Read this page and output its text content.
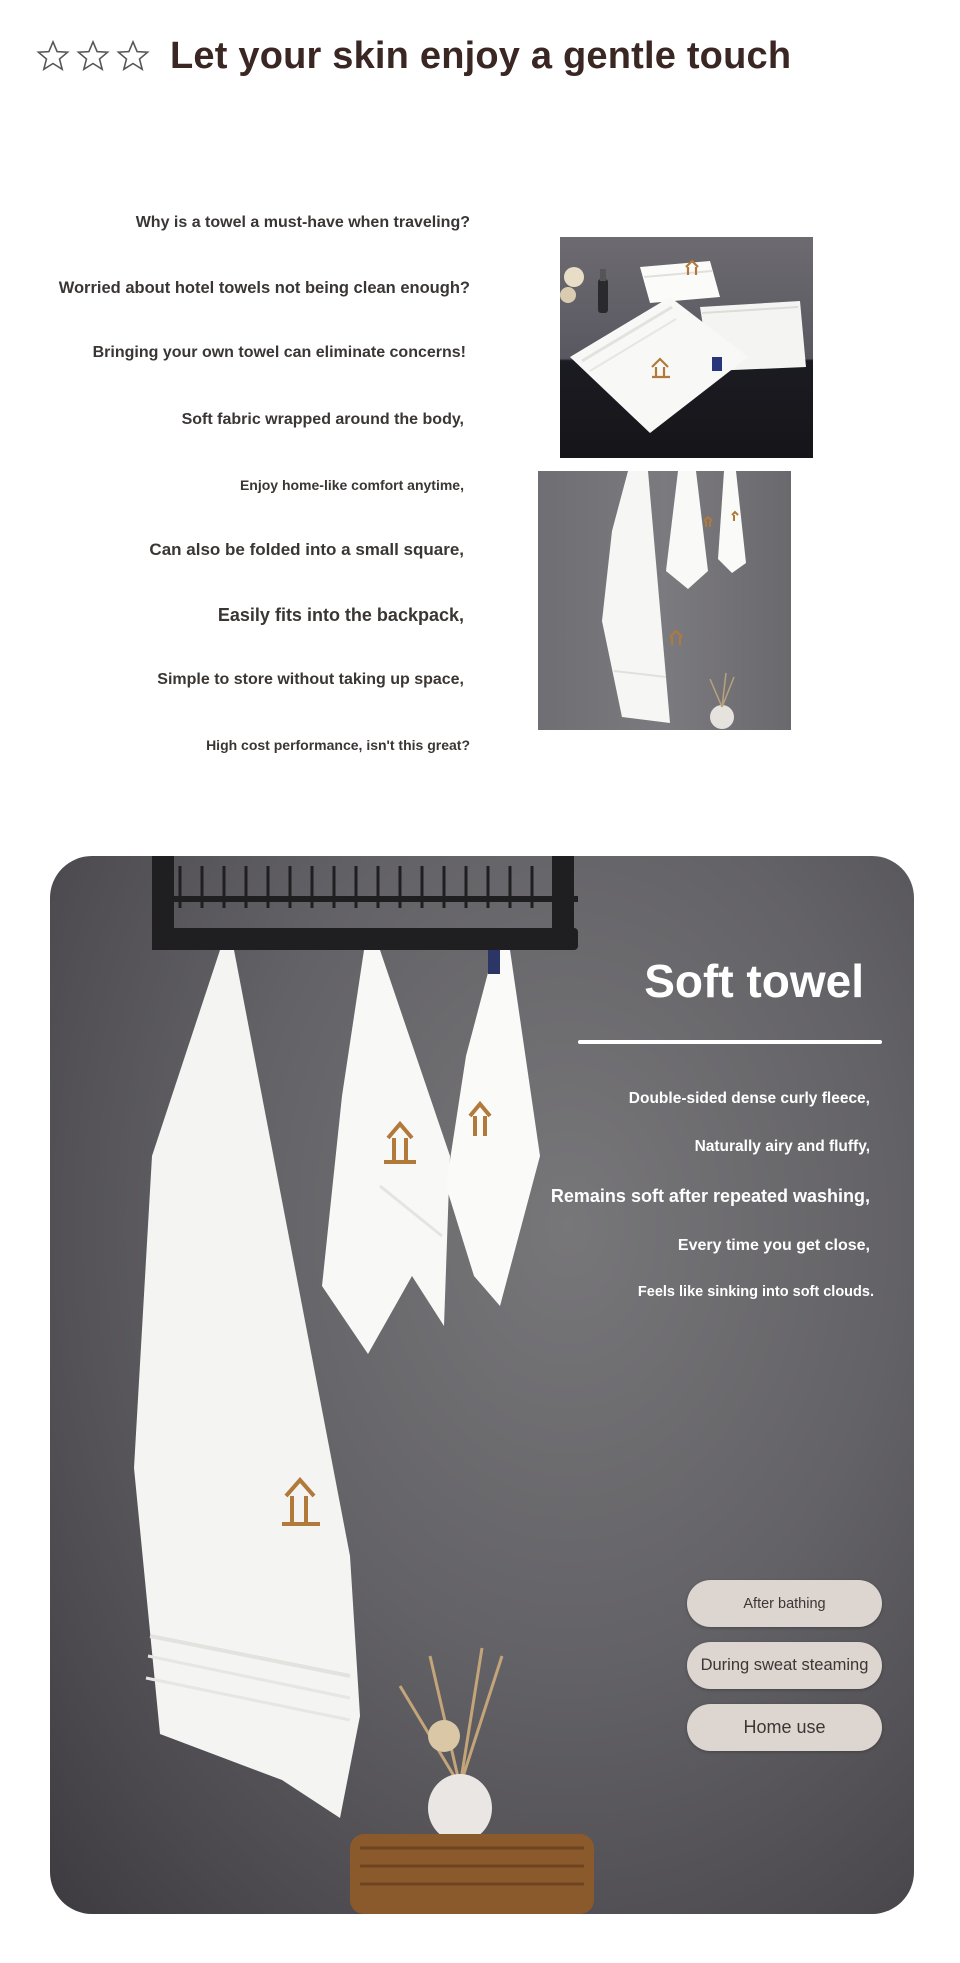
Let your skin enjoy a gentle touch
Why is a towel a must-have when traveling?
Worried about hotel towels not being clean enough?
Bringing your own towel can eliminate concerns!
Soft fabric wrapped around the body,
Enjoy home-like comfort anytime,
Can also be folded into a small square,
Easily fits into the backpack,
Simple to store without taking up space,
High cost performance, isn't this great?
Soft towel
Double-sided dense curly fleece,
Naturally airy and fluffy,
Remains soft after repeated washing,
Every time you get close,
Feels like sinking into soft clouds.
After bathing
During sweat steaming
Home use
